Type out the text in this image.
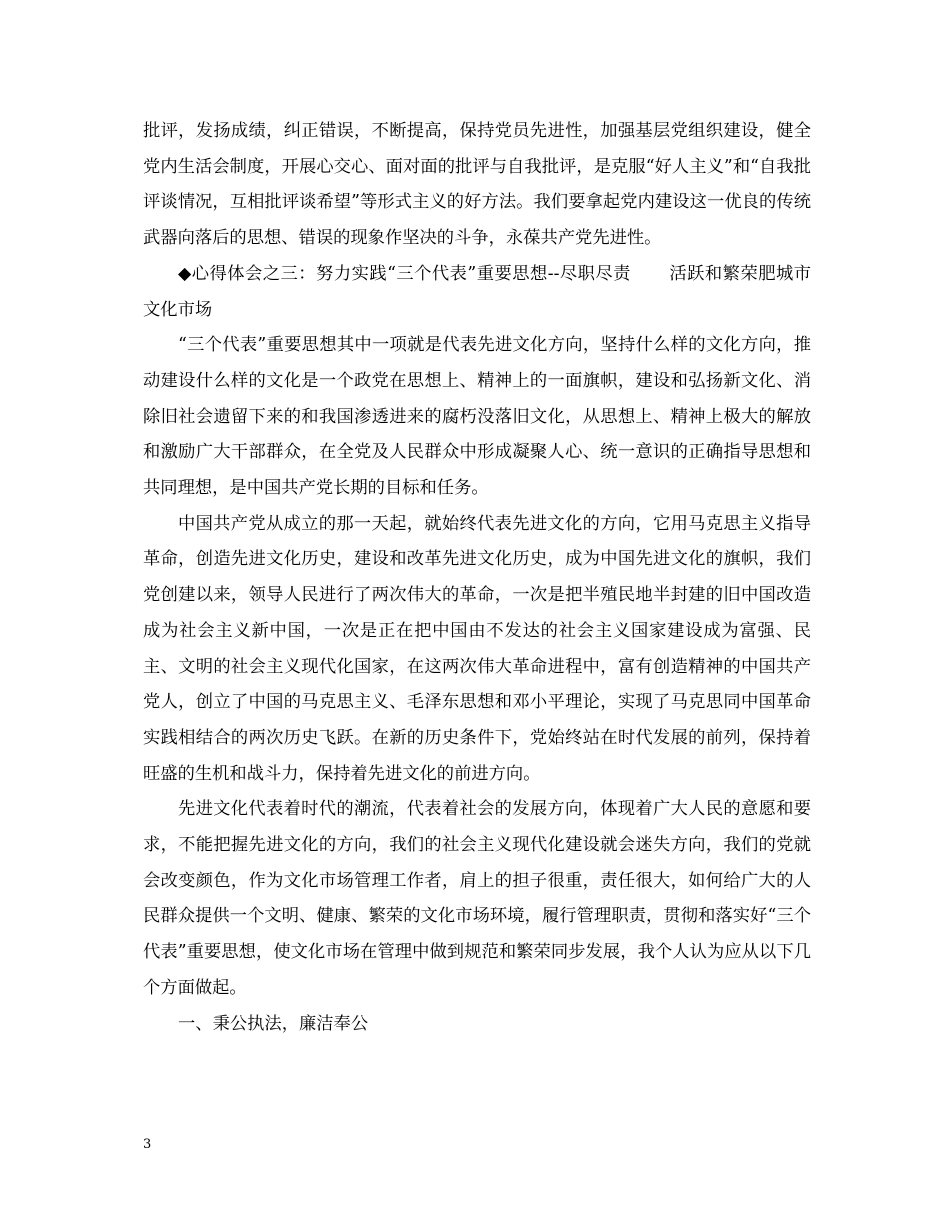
批评，发扬成绩，纠正错误，不断提高，保持党员先进性，加强基层党组织建设，健全党内生活会制度，开展心交心、面对面的批评与自我批评，是克服“好人主义”和“自我批评谈情况，互相批评谈希望”等形式主义的好方法。我们要拿起党内建设这一优良的传统武器向落后的思想、错误的现象作坚决的斗争，永葆共产党先进性。

◆心得体会之三：努力实践“三个代表”重要思想--尽职尽责 活跃和繁荣肥城市文化市场

“三个代表”重要思想其中一项就是代表先进文化方向，坚持什么样的文化方向，推动建设什么样的文化是一个政党在思想上、精神上的一面旗帜，建设和弘扬新文化、消除旧社会遗留下来的和我国渗透进来的腐朽没落旧文化，从思想上、精神上极大的解放和激励广大干部群众，在全党及人民群众中形成凝聚人心、统一意识的正确指导思想和共同理想，是中国共产党长期的目标和任务。

中国共产党从成立的那一天起，就始终代表先进文化的方向，它用马克思主义指导革命，创造先进文化历史，建设和改革先进文化历史，成为中国先进文化的旗帜，我们党创建以来，领导人民进行了两次伟大的革命，一次是把半殖民地半封建的旧中国改造成为社会主义新中国，一次是正在把中国由不发达的社会主义国家建设成为富强、民主、文明的社会主义现代化国家，在这两次伟大革命进程中，富有创造精神的中国共产党人，创立了中国的马克思主义、毛泽东思想和邓小平理论，实现了马克思同中国革命实践相结合的两次历史飞跃。在新的历史条件下，党始终站在时代发展的前列，保持着旺盛的生机和战斗力，保持着先进文化的前进方向。

先进文化代表着时代的潮流，代表着社会的发展方向，体现着广大人民的意愿和要求，不能把握先进文化的方向，我们的社会主义现代化建设就会迷失方向，我们的党就会改变颜色，作为文化市场管理工作者，肩上的担子很重，责任很大，如何给广大的人民群众提供一个文明、健康、繁荣的文化市场环境，履行管理职责，贯彻和落实好“三个代表”重要思想，使文化市场在管理中做到规范和繁荣同步发展，我个人认为应从以下几个方面做起。

一、秉公执法，廉洁奉公

3
